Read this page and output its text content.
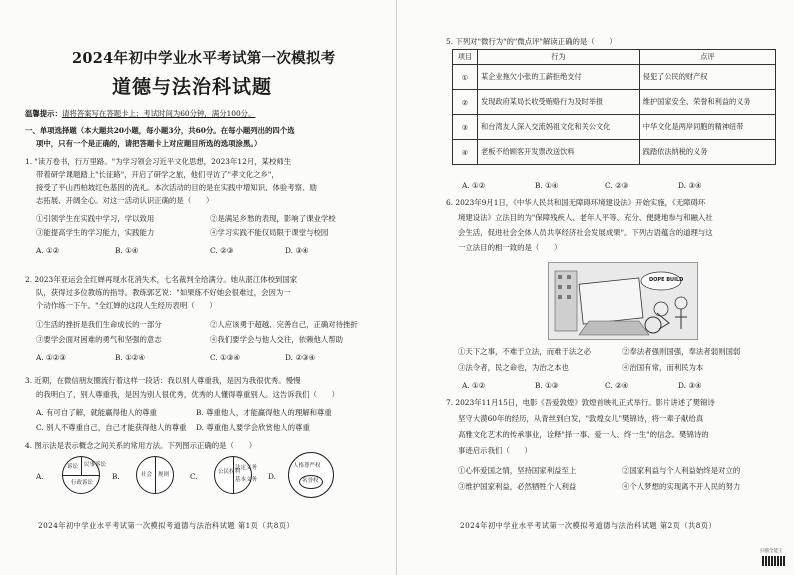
2024年初中学业水平考试第一次模拟考
道德与法治科试题
温馨提示：请将答案写在答题卡上；考试时间为60分钟，满分100分。
一、单项选择题（本大题共20小题，每小题3分，共60分。在每小题列出的四个选
项中，只有一个是正确的，请把答题卡上对应题目所选的选项涂黑。）
1. "读万卷书，行万里路。"为学习领会习近平文化思想，2023年12月，某校师生
带着研学课题踏上"长征路"，开启了研学之旅，他们寻访了"孝文化之乡"，
接受了平山西柏坡红色基因的洗礼。本次活动的目的是在实践中增知识、体验考察、励
志拓展、开阔全心。对这一活动认识正确的是（　　）
①引领学生在实践中学习，学以致用	②是满足乡愁的表现，影响了课业学校
③能提高学生的学习能力，实践能力	④学习实践不能仅局限于课堂与校园
A. ①②	B. ①④	C. ②③	D. ③④
2. 2023年亚运会全红婵再现水花消失术，七名裁判全给满分。她从湛江体校到国家
队，获得过多位教练的指导。教练郭艺说："如果练不好她会很难过，会因为一
个动作练一下午。"全红婵的这段人生经历表明（　　）
①生活的挫折是我们生命成长的一部分	②人应该勇于超越、完善自己，正确对待挫折
③要学会面对困难的勇气和坚强的意志	④我们要学会与他人交往，依赖他人帮助
A. ①②③	B. ①②④	C. ①③④	D. ②③④
3. 近期，在微信朋友圈流行着这样一段话：我以别人尊重我，是因为我很优秀。慢慢
的我明白了，别人尊重我，是因为别人很优秀，优秀的人懂得尊重别人。这告诉我们（　　）
A. 有可自了解，就能赢得他人的尊重	B. 尊重他人，才能赢得他人的理解和尊重
C. 别人不尊重自己，自己才能获得他人的尊重 D. 尊重他人要学会欣赏他人的尊重
4. 图示法是表示概念之间关系的常用方法。下列图示正确的是（　　）
A.
诉讼 民事诉讼
行政诉讼
B.	社会 规则	C.	公民权利
法定义务
基本义务 D.
人格尊严权
名誉权
2024年初中学业水平考试第一次模拟考道德与法治科试题 第1页（共8页）
5. 下列对"微行为"的"微点评"解读正确的是（　　）
项目	行为	点评
①	某企业拖欠小张的工薪拒绝支付	侵犯了公民的财产权
②	发现政府某局长收受贿赂行为及时举报	维护国家安全、荣誉和利益的义务
③	和台湾友人深入交流妈祖文化和关公文化	中华文化是两岸同胞的精神纽带
④	老板不给顾客开发票改送饮料	践踏依法纳税的义务
A. ①②	B. ①④	C. ②③	D. ③④
6. 2023年9月1日，《中华人民共和国无障碍环境建设法》开始实施，《无障碍环
境建设法》立法目的为"保障残疾人、老年人平等、充分、便捷地参与和融入社
会生活，促进社会全体人员共享经济社会发展成果"。下列古语蕴含的道理与这
一立法目的相一致的是（　　）
DOPE BUILD
①天下之事，不难于立法，而难于法之必	②奉法者强则国强，奉法者弱则国弱
③法令者，民之命也，为治之本也	④治国有常，而利民为本
A. ①②	B. ①③	C. ②④	D. ③④
7. 2023年11月15日，电影《吾爱敦煌》敦煌首映礼正式举行。影片讲述了樊锦诗
坚守大漠60年的经历，从青丝到白发，"敦煌女儿"樊锦诗，将一辈子献给真
高雅文化艺术的传承事业，诠释"择一事、爱一人、终一生"的信念。樊锦诗的
事迹启示我们（　　）
①心怀爱国之情，坚持国家利益至上	②国家利益与个人利益始终是对立的
③维护国家利益，必然牺牲个人利益	④个人梦想的实现离不开人民的努力
2024年初中学业水平考试第一次模拟考道德与法治科试题 第2页（共8页）
扫描全能王
